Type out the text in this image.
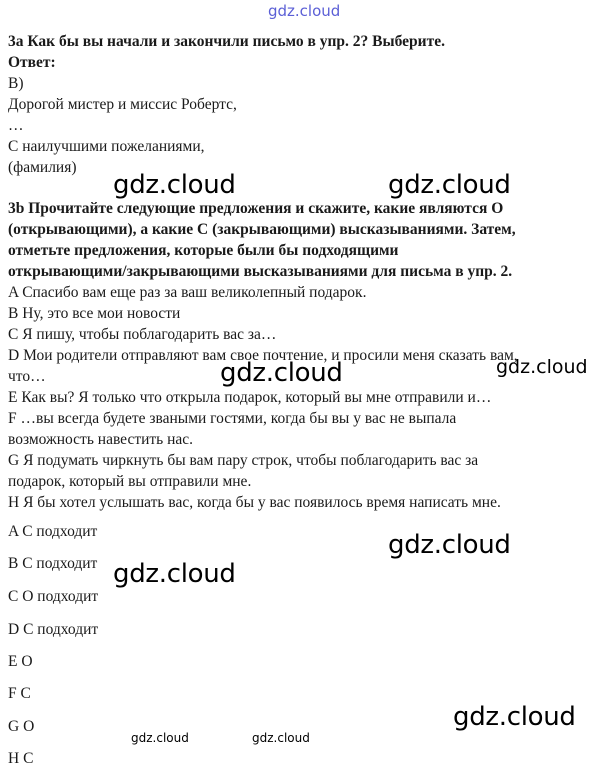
gdz.cloud
gdz.cloud	gdz.cloud
gdz.cloud	gdz.cloud
gdz.cloud
gdz.cloud
gdz.cloud
gdz.cloud	gdz.cloud
3a Как бы вы начали и закончили письмо в упр. 2? Выберите.
Ответ:
В)
Дорогой мистер и миссис Робертс,
…
С наилучшими пожеланиями,
(фамилия)
3b Прочитайте следующие предложения и скажите, какие являются O
(открывающими), а какие C (закрывающими) высказываниями. Затем,
отметьте предложения, которые были бы подходящими
открывающими/закрывающими высказываниями для письма в упр. 2.
A Спасибо вам еще раз за ваш великолепный подарок.
B Ну, это все мои новости
C Я пишу, чтобы поблагодарить вас за…
D Мои родители отправляют вам свое почтение, и просили меня сказать вам,
что…
E Как вы? Я только что открыла подарок, который вы мне отправили и…
F …вы всегда будете зваными гостями, когда бы вы у вас не выпала
возможность навестить нас.
G Я подумать чиркнуть бы вам пару строк, чтобы поблагодарить вас за
подарок, который вы отправили мне.
H Я бы хотел услышать вас, когда бы у вас появилось время написать мне.
A C подходит
B C подходит
C O подходит
D C подходит
E O
F C
G O
H C
